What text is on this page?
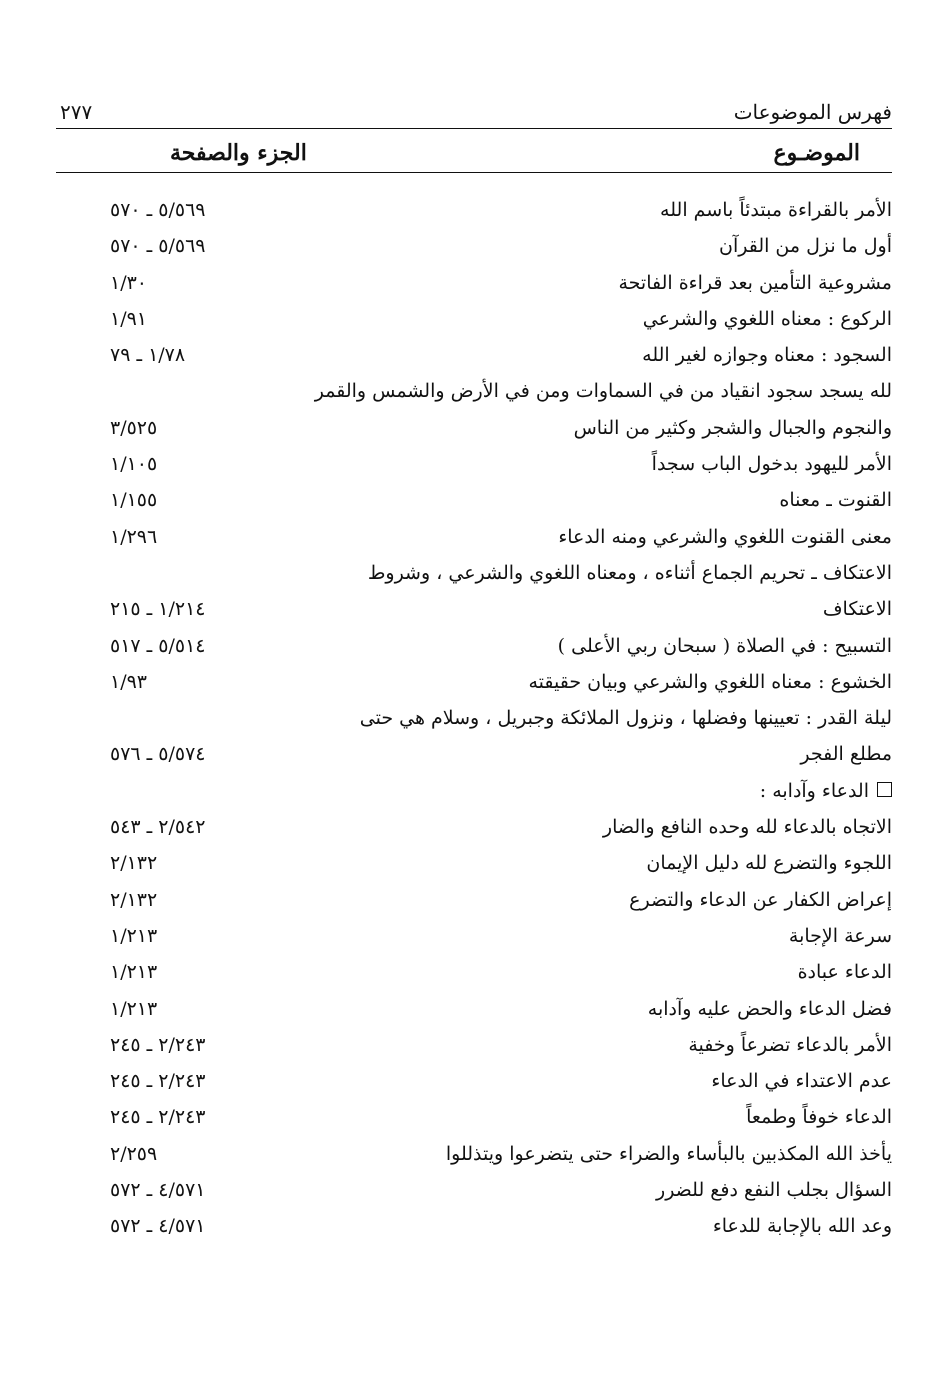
فهرس الموضوعات
٢٧٧
الموضـوع
الجزء والصفحة
الأمر بالقراءة مبتدئاً باسم الله
٥/٥٦٩ ـ ٥٧٠
أول ما نزل من القرآن
٥/٥٦٩ ـ ٥٧٠
مشروعية التأمين بعد قراءة الفاتحة
١/٣٠
الركوع : معناه اللغوي والشرعي
١/٩١
السجود : معناه وجوازه لغير الله
١/٧٨ ـ ٧٩
لله يسجد سجود انقياد من في السماوات ومن في الأرض والشمس والقمر
والنجوم والجبال والشجر وكثير من الناس
٣/٥٢٥
الأمر لليهود بدخول الباب سجداً
١/١٠٥
القنوت ـ معناه
١/١٥٥
معنى القنوت اللغوي والشرعي ومنه الدعاء
١/٢٩٦
الاعتكاف ـ تحريم الجماع أثناءه ، ومعناه اللغوي والشرعي ، وشروط
الاعتكاف
١/٢١٤ ـ ٢١٥
التسبيح : في الصلاة ( سبحان ربي الأعلى )
٥/٥١٤ ـ ٥١٧
الخشوع : معناه اللغوي والشرعي وبيان حقيقته
١/٩٣
ليلة القدر : تعيينها وفضلها ، ونزول الملائكة وجبريل ، وسلام هي حتى
مطلع الفجر
٥/٥٧٤ ـ ٥٧٦
الدعاء وآدابه :
الاتجاه بالدعاء لله وحده النافع والضار
٢/٥٤٢ ـ ٥٤٣
اللجوء والتضرع لله دليل الإيمان
٢/١٣٢
إعراض الكفار عن الدعاء والتضرع
٢/١٣٢
سرعة الإجابة
١/٢١٣
الدعاء عبادة
١/٢١٣
فضل الدعاء والحض عليه وآدابه
١/٢١٣
الأمر بالدعاء تضرعاً وخفية
٢/٢٤٣ ـ ٢٤٥
عدم الاعتداء في الدعاء
٢/٢٤٣ ـ ٢٤٥
الدعاء خوفاً وطمعاً
٢/٢٤٣ ـ ٢٤٥
يأخذ الله المكذبين بالبأساء والضراء حتى يتضرعوا ويتذللوا
٢/٢٥٩
السؤال بجلب النفع دفع للضرر
٤/٥٧١ ـ ٥٧٢
وعد الله بالإجابة للدعاء
٤/٥٧١ ـ ٥٧٢
